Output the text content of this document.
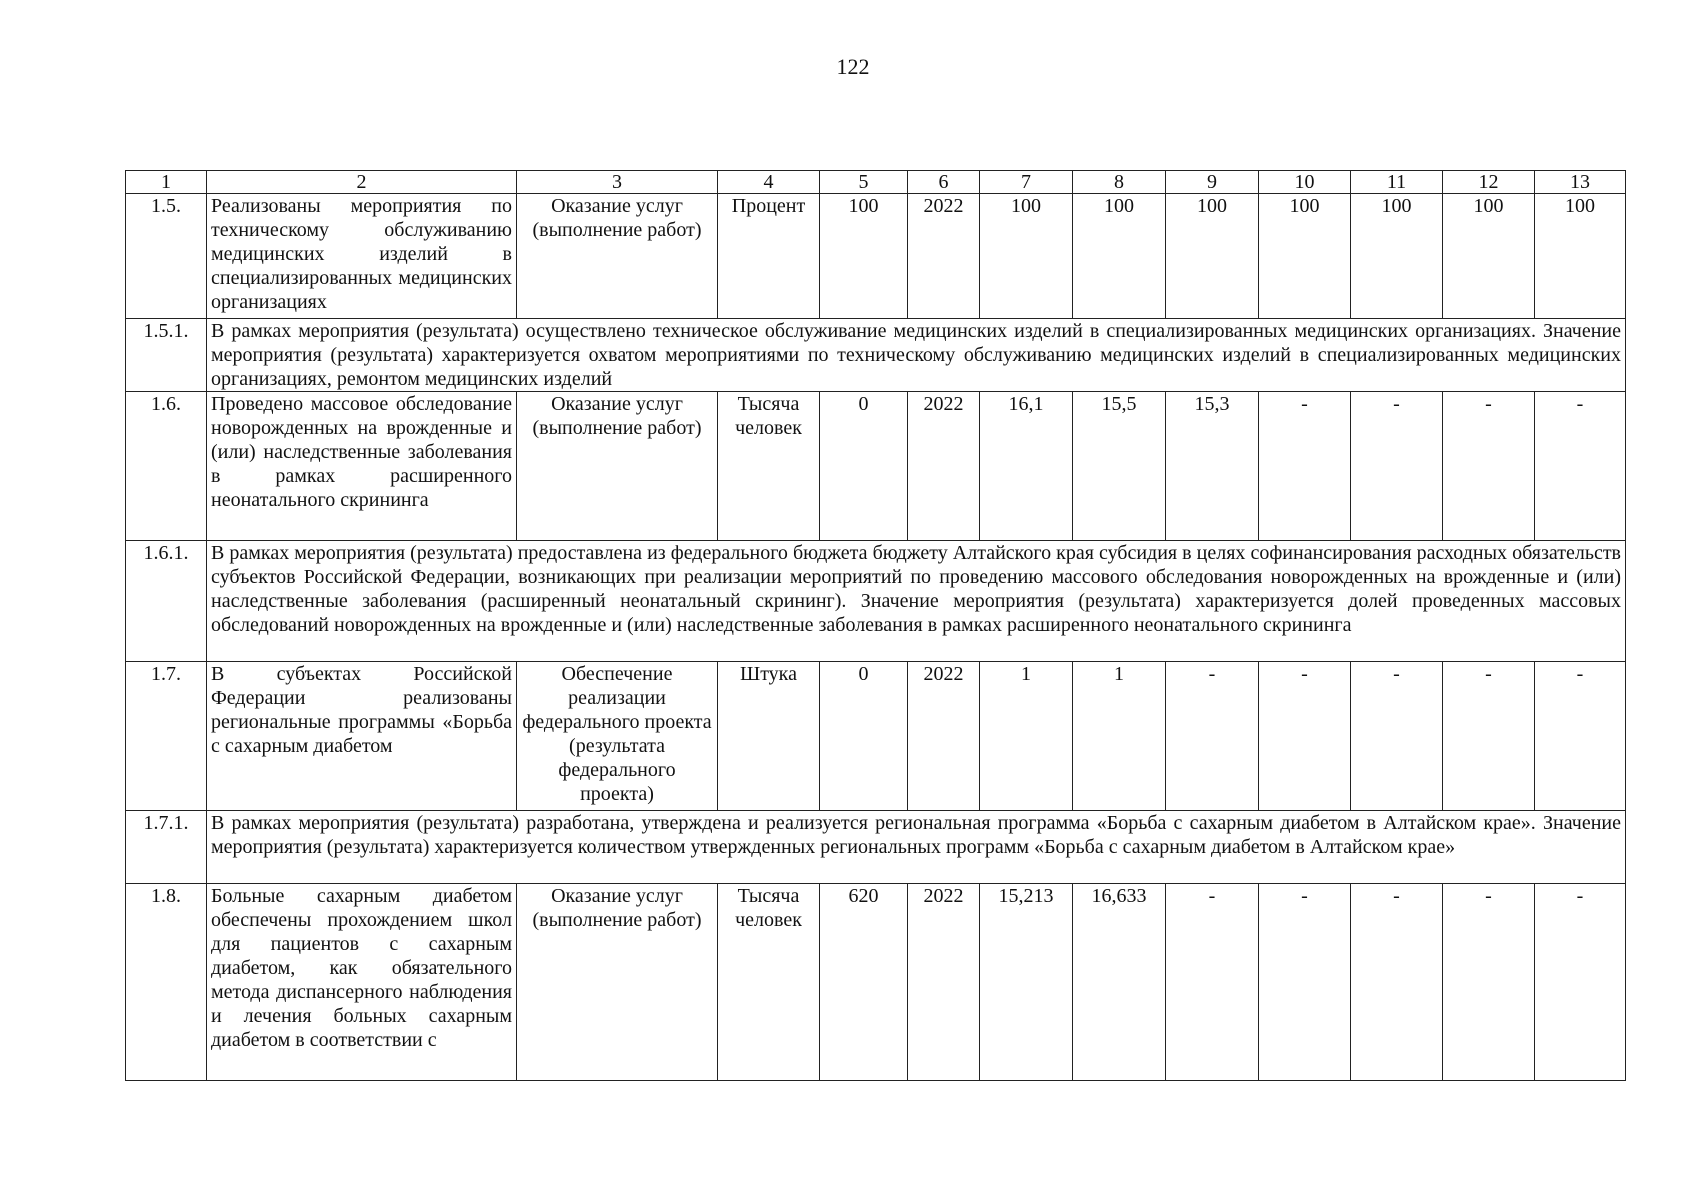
122
1	2	3	4	5	6	7	8	9	10	11	12	13
1.5.	Реализованы мероприятия по техническому обслуживанию медицинских изделий в специализированных медицинских организациях	Оказание услуг (выполнение работ)	Процент	100	2022	100	100	100	100	100	100	100
1.5.1.	В рамках мероприятия (результата) осуществлено техническое обслуживание медицинских изделий в специализированных медицинских организациях. Значение мероприятия (результата) характеризуется охватом мероприятиями по техническому обслуживанию медицинских изделий в специализированных медицинских организациях, ремонтом медицинских изделий											
1.6.	Проведено массовое обследование новорожденных на врожденные и (или) наследственные заболевания в рамках расширенного неонатального скрининга	Оказание услуг (выполнение работ)	Тысяча человек	0	2022	16,1	15,5	15,3	-	-	-	-
1.6.1.	В рамках мероприятия (результата) предоставлена из федерального бюджета бюджету Алтайского края субсидия в целях софинансирования расходных обязательств субъектов Российской Федерации, возникающих при реализации мероприятий по проведению массового обследования новорожденных на врожденные и (или) наследственные заболевания (расширенный неонатальный скрининг). Значение мероприятия (результата) характеризуется долей проведенных массовых обследований новорожденных на врожденные и (или) наследственные заболевания в рамках расширенного неонатального скрининга											
1.7.	В субъектах Российской Федерации реализованы региональные программы «Борьба с сахарным диабетом	Обеспечение реализации федерального проекта (результата федерального проекта)	Штука	0	2022	1	1	-	-	-	-	-
1.7.1.	В рамках мероприятия (результата) разработана, утверждена и реализуется региональная программа «Борьба с сахарным диабетом в Алтайском крае». Значение мероприятия (результата) характеризуется количеством утвержденных региональных программ «Борьба с сахарным диабетом в Алтайском крае»											
1.8.	Больные сахарным диабетом обеспечены прохождением школ для пациентов с сахарным диабетом, как обязательного метода диспансерного наблюдения и лечения больных сахарным диабетом в соответствии с	Оказание услуг (выполнение работ)	Тысяча человек	620	2022	15,213	16,633	-	-	-	-	-
